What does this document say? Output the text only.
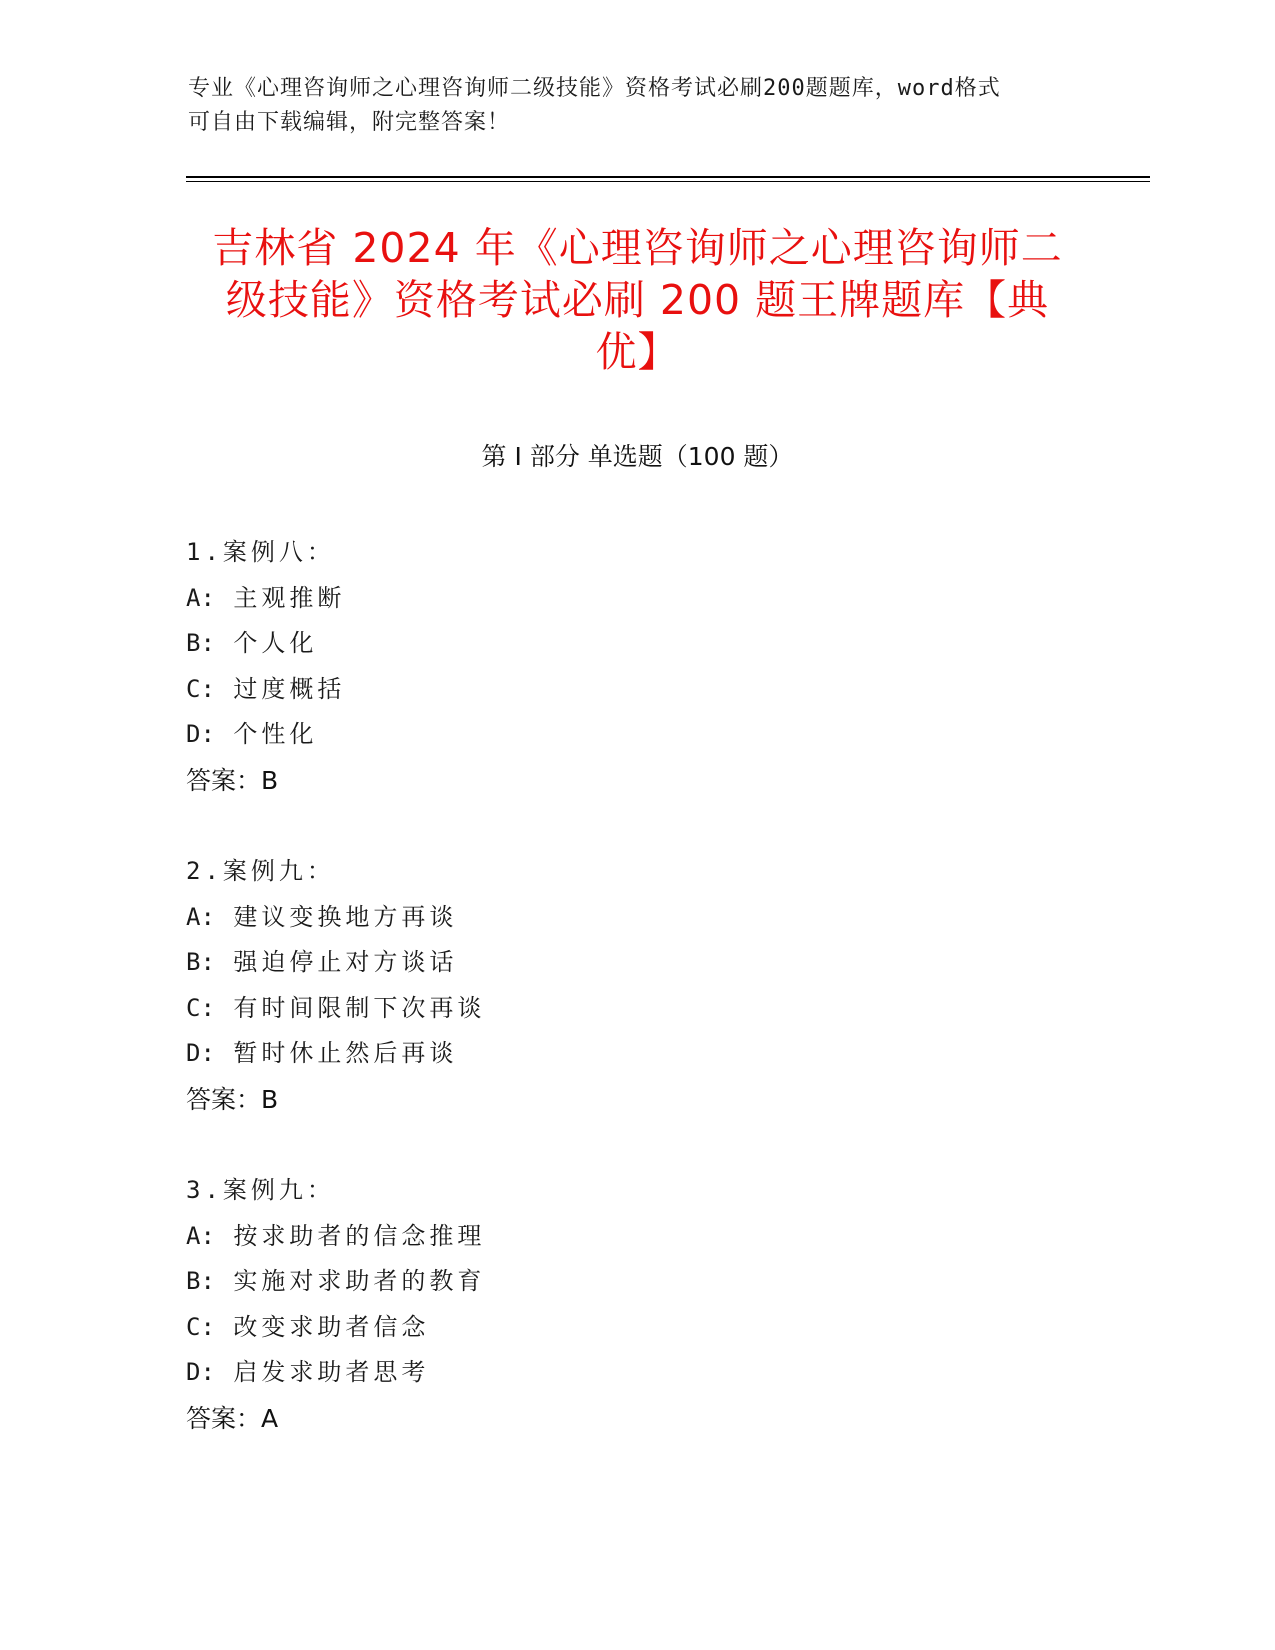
专业《心理咨询师之心理咨询师二级技能》资格考试必刷200题题库，word格式
可自由下载编辑，附完整答案！
吉林省 2024 年《心理咨询师之心理咨询师二
级技能》资格考试必刷 200 题王牌题库【典
优】
第 I 部分 单选题（100 题）
1.案例八：
A: 主观推断
B: 个人化
C: 过度概括
D: 个性化
答案：B
2.案例九：
A: 建议变换地方再谈
B: 强迫停止对方谈话
C: 有时间限制下次再谈
D: 暂时休止然后再谈
答案：B
3.案例九：
A: 按求助者的信念推理
B: 实施对求助者的教育
C: 改变求助者信念
D: 启发求助者思考
答案：A
